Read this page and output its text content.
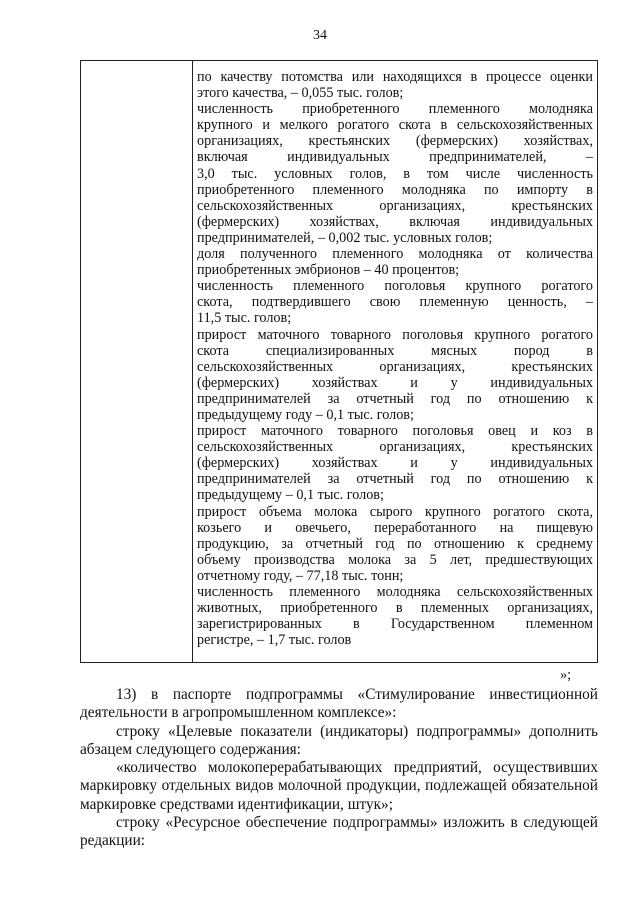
34
по качеству потомства или находящихся в процессе оценки
этого качества, – 0,055 тыс. голов;
численность приобретенного племенного молодняка
крупного и мелкого рогатого скота в сельскохозяйственных
организациях, крестьянских (фермерских) хозяйствах,
включая индивидуальных предпринимателей, –
3,0 тыс. условных голов, в том числе численность
приобретенного племенного молодняка по импорту в
сельскохозяйственных организациях, крестьянских
(фермерских) хозяйствах, включая индивидуальных
предпринимателей, – 0,002 тыс. условных голов;
доля полученного племенного молодняка от количества
приобретенных эмбрионов – 40 процентов;
численность племенного поголовья крупного рогатого
скота, подтвердившего свою племенную ценность, –
11,5 тыс. голов;
прирост маточного товарного поголовья крупного рогатого
скота специализированных мясных пород в
сельскохозяйственных организациях, крестьянских
(фермерских) хозяйствах и у индивидуальных
предпринимателей за отчетный год по отношению к
предыдущему году – 0,1 тыс. голов;
прирост маточного товарного поголовья овец и коз в
сельскохозяйственных организациях, крестьянских
(фермерских) хозяйствах и у индивидуальных
предпринимателей за отчетный год по отношению к
предыдущему – 0,1 тыс. голов;
прирост объема молока сырого крупного рогатого скота,
козьего и овечьего, переработанного на пищевую
продукцию, за отчетный год по отношению к среднему
объему производства молока за 5 лет, предшествующих
отчетному году, – 77,18 тыс. тонн;
численность племенного молодняка сельскохозяйственных
животных, приобретенного в племенных организациях,
зарегистрированных в Государственном племенном
регистре, – 1,7 тыс. голов
»;
13) в паспорте подпрограммы «Стимулирование инвестиционной
деятельности в агропромышленном комплексе»:
строку «Целевые показатели (индикаторы) подпрограммы» дополнить
абзацем следующего содержания:
«количество молокоперерабатывающих предприятий, осуществивших
маркировку отдельных видов молочной продукции, подлежащей обязательной
маркировке средствами идентификации, штук»;
строку «Ресурсное обеспечение подпрограммы» изложить в следующей
редакции:
